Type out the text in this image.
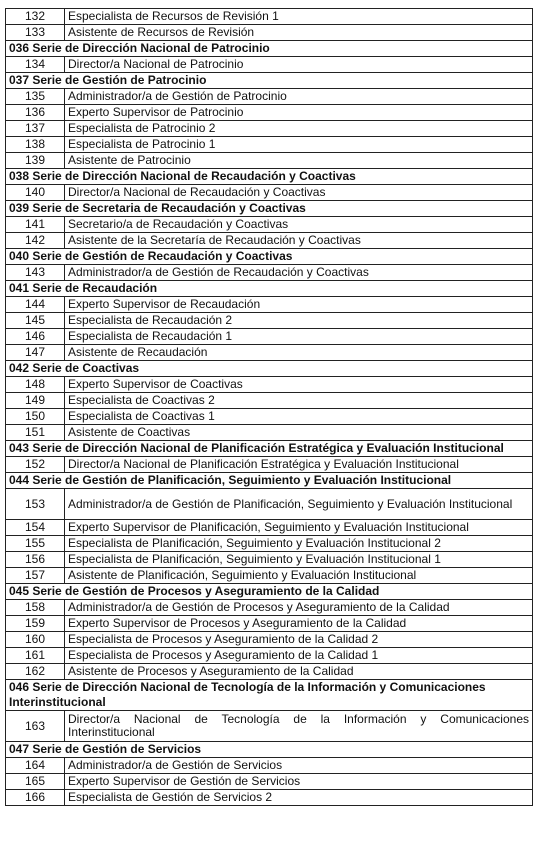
132	Especialista de Recursos de Revisión 1
133	Asistente de Recursos de Revisión
036 Serie de Dirección Nacional de Patrocinio	
134	Director/a Nacional de Patrocinio
037 Serie de Gestión de Patrocinio	
135	Administrador/a de Gestión de Patrocinio
136	Experto Supervisor de Patrocinio
137	Especialista de Patrocinio 2
138	Especialista de Patrocinio 1
139	Asistente de Patrocinio
038 Serie de Dirección Nacional de Recaudación y Coactivas	
140	Director/a Nacional de Recaudación y Coactivas
039 Serie de Secretaria de Recaudación y Coactivas	
141	Secretario/a de Recaudación y Coactivas
142	Asistente de la Secretaría de Recaudación y Coactivas
040 Serie de Gestión de Recaudación y Coactivas	
143	Administrador/a de Gestión de Recaudación y Coactivas
041 Serie de Recaudación	
144	Experto Supervisor de Recaudación
145	Especialista de Recaudación 2
146	Especialista de Recaudación 1
147	Asistente de Recaudación
042 Serie de Coactivas	
148	Experto Supervisor de Coactivas
149	Especialista de Coactivas 2
150	Especialista de Coactivas 1
151	Asistente de Coactivas
043 Serie de Dirección Nacional de Planificación Estratégica y Evaluación Institucional	
152	Director/a Nacional de Planificación Estratégica y Evaluación Institucional
044 Serie de Gestión de Planificación, Seguimiento y Evaluación Institucional	
153	Administrador/a de Gestión de Planificación, Seguimiento y Evaluación Institucional
154	Experto Supervisor de Planificación, Seguimiento y Evaluación Institucional
155	Especialista de Planificación, Seguimiento y Evaluación Institucional 2
156	Especialista de Planificación, Seguimiento y Evaluación Institucional 1
157	Asistente de Planificación, Seguimiento y Evaluación Institucional
045 Serie de Gestión de Procesos y Aseguramiento de la Calidad	
158	Administrador/a de Gestión de Procesos y Aseguramiento de la Calidad
159	Experto Supervisor de Procesos y Aseguramiento de la Calidad
160	Especialista de Procesos y Aseguramiento de la Calidad 2
161	Especialista de Procesos y Aseguramiento de la Calidad 1
162	Asistente de Procesos y Aseguramiento de la Calidad
046 Serie de Dirección Nacional de Tecnología de la Información y Comunicaciones Interinstitucional	
163	Director/a Nacional de Tecnología de la Información y Comunicaciones Interinstitucional
047 Serie de Gestión de Servicios	
164	Administrador/a de Gestión de Servicios
165	Experto Supervisor de Gestión de Servicios
166	Especialista de Gestión de Servicios 2
